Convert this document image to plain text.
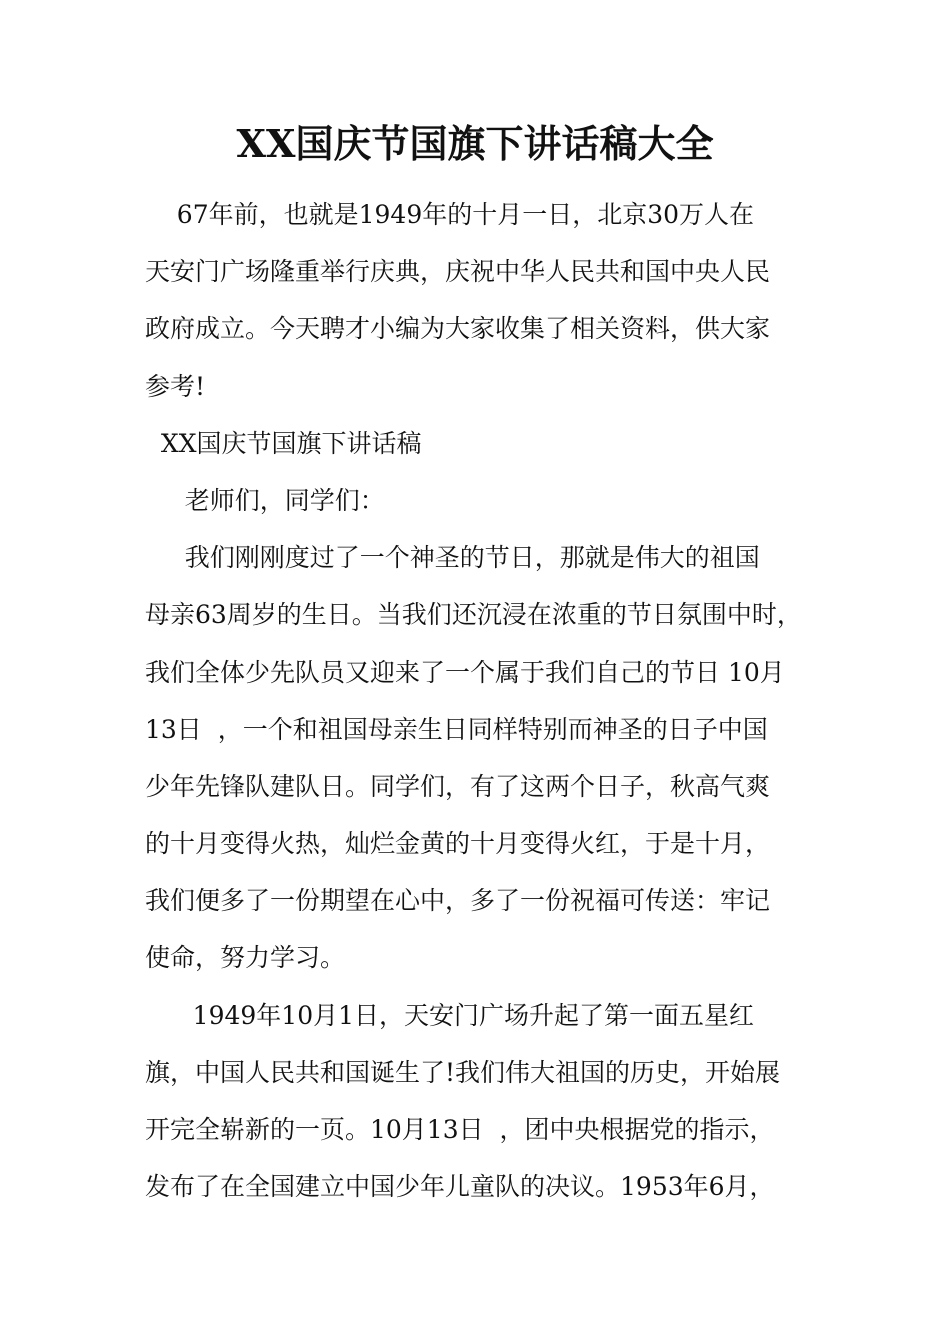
XX国庆节国旗下讲话稿大全
67年前，也就是1949年的十月一日，北京30万人在
天安门广场隆重举行庆典，庆祝中华人民共和国中央人民
政府成立。今天聘才小编为大家收集了相关资料，供大家
参考!
XX国庆节国旗下讲话稿
老师们，同学们：
我们刚刚度过了一个神圣的节日，那就是伟大的祖国
母亲63周岁的生日。当我们还沉浸在浓重的节日氛围中时，
我们全体少先队员又迎来了一个属于我们自己的节日 10月
13日  ，一个和祖国母亲生日同样特别而神圣的日子中国
少年先锋队建队日。同学们，有了这两个日子，秋高气爽
的十月变得火热，灿烂金黄的十月变得火红，于是十月，
我们便多了一份期望在心中，多了一份祝福可传送：牢记
使命，努力学习。
1949年10月1日，天安门广场升起了第一面五星红
旗，中国人民共和国诞生了!我们伟大祖国的历史，开始展
开完全崭新的一页。10月13日  ，团中央根据党的指示，
发布了在全国建立中国少年儿童队的决议。1953年6月，
